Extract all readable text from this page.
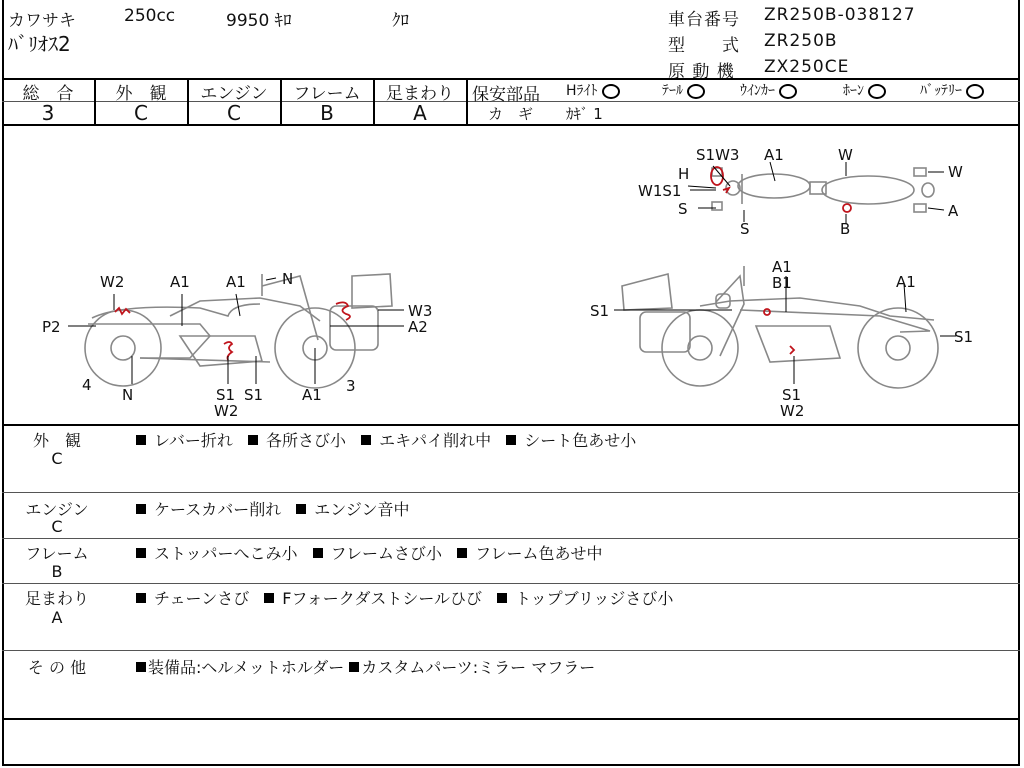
カワサキ	250cc	9950 ｷﾛ	ｸﾛ
ﾊﾞﾘｵｽ2
車台番号 ZR250B-038127
型　　式 ZR250B
原 動 機 ZX250CE
総　合	外　観	エンジン	フレーム	足まわり
3	C	C	B	A
保安部品 Hﾗｲﾄ	ﾃｰﾙ	ｳｲﾝｶｰ	ﾎｰﾝ	ﾊﾞｯﾃﾘｰ
カ　ギ ｶｷﾞ 1
S1W3 A1	W
H	W
W1S1
S
S
A
B
W2	A1 A1 N
P2
W3
A2
4
N	S1 S1	A1 3
W2
A1
B1	A1
S1
S1
S1
W2
外　観
C
レバー折れ 各所さび小 エキパイ削れ中 シート色あせ小
エンジン
C
ケースカバー削れ エンジン音中
フレーム
B
ストッパーへこみ小 フレームさび小 フレーム色あせ中
足まわり
A
チェーンさび Fフォークダストシールひび トップブリッジさび小
そ の 他	装備品:ヘルメットホルダー カスタムパーツ:ミラー マフラー
